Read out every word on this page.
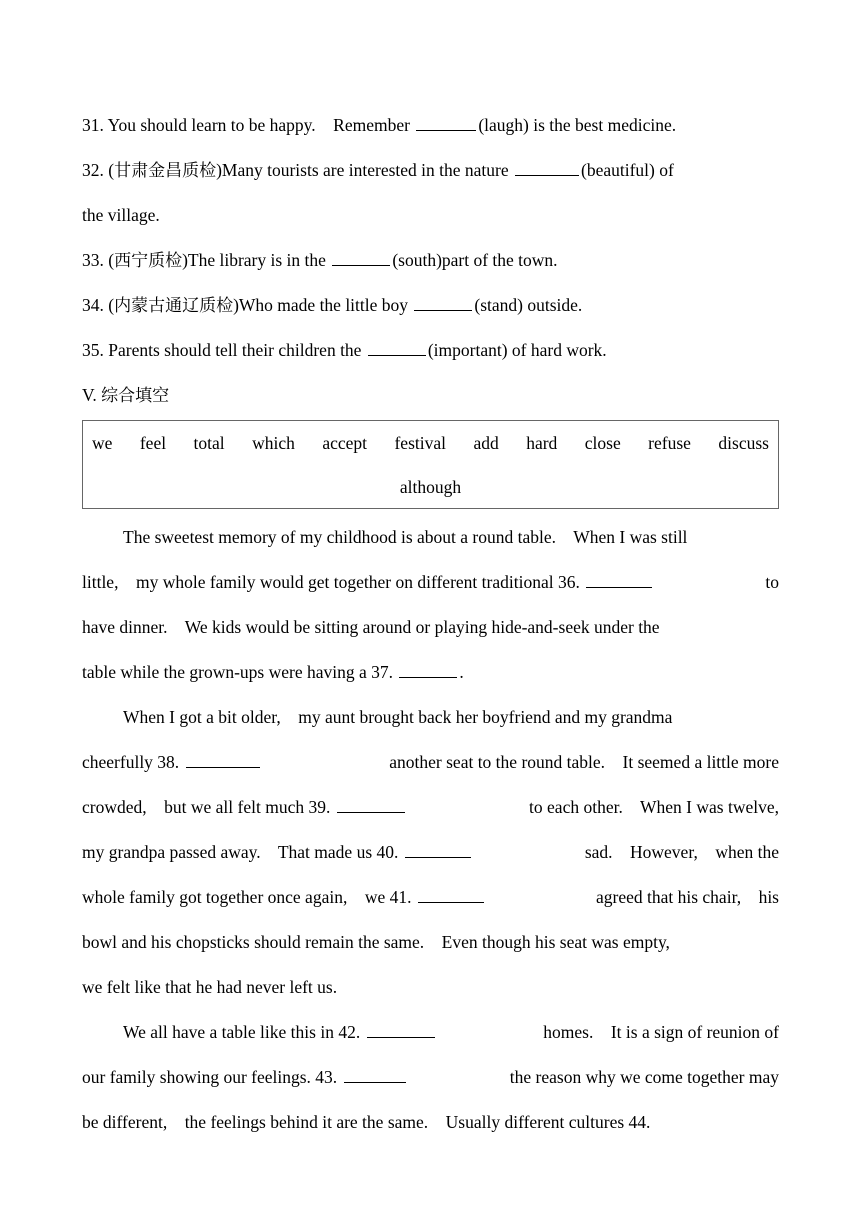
31. You should learn to be happy.    Remember	(laugh) is the best medicine.
32. (甘肃金昌质检)Many tourists are interested in the nature	(beautiful) of
the village.
33. (西宁质检)The library is in the	(south)part of the town.
34. (内蒙古通辽质检)Who made the little boy	(stand) outside.
35. Parents should tell their children the	(important) of hard work.
V. 综合填空
we feel total which accept festival add hard close refuse discuss
although
The sweetest memory of my childhood is about a round table.    When I was still
little,    my whole family would get together on different traditional 36.	to
have dinner.    We kids would be sitting around or playing hide-and-seek under the
table while the grown-ups were having a 37.	.
When I got a bit older,    my aunt brought back her boyfriend and my grandma
cheerfully 38.	another seat to the round table.    It seemed a little more
crowded,    but we all felt much 39.	to each other.    When I was twelve,
my grandpa passed away.    That made us 40.	sad.    However,    when the
whole family got together once again,    we 41.	agreed that his chair,    his
bowl and his chopsticks should remain the same.    Even though his seat was empty,
we felt like that he had never left us.
We all have a table like this in 42.	homes.    It is a sign of reunion of
our family showing our feelings. 43.	the reason why we come together may
be different,    the feelings behind it are the same.    Usually different cultures 44.
